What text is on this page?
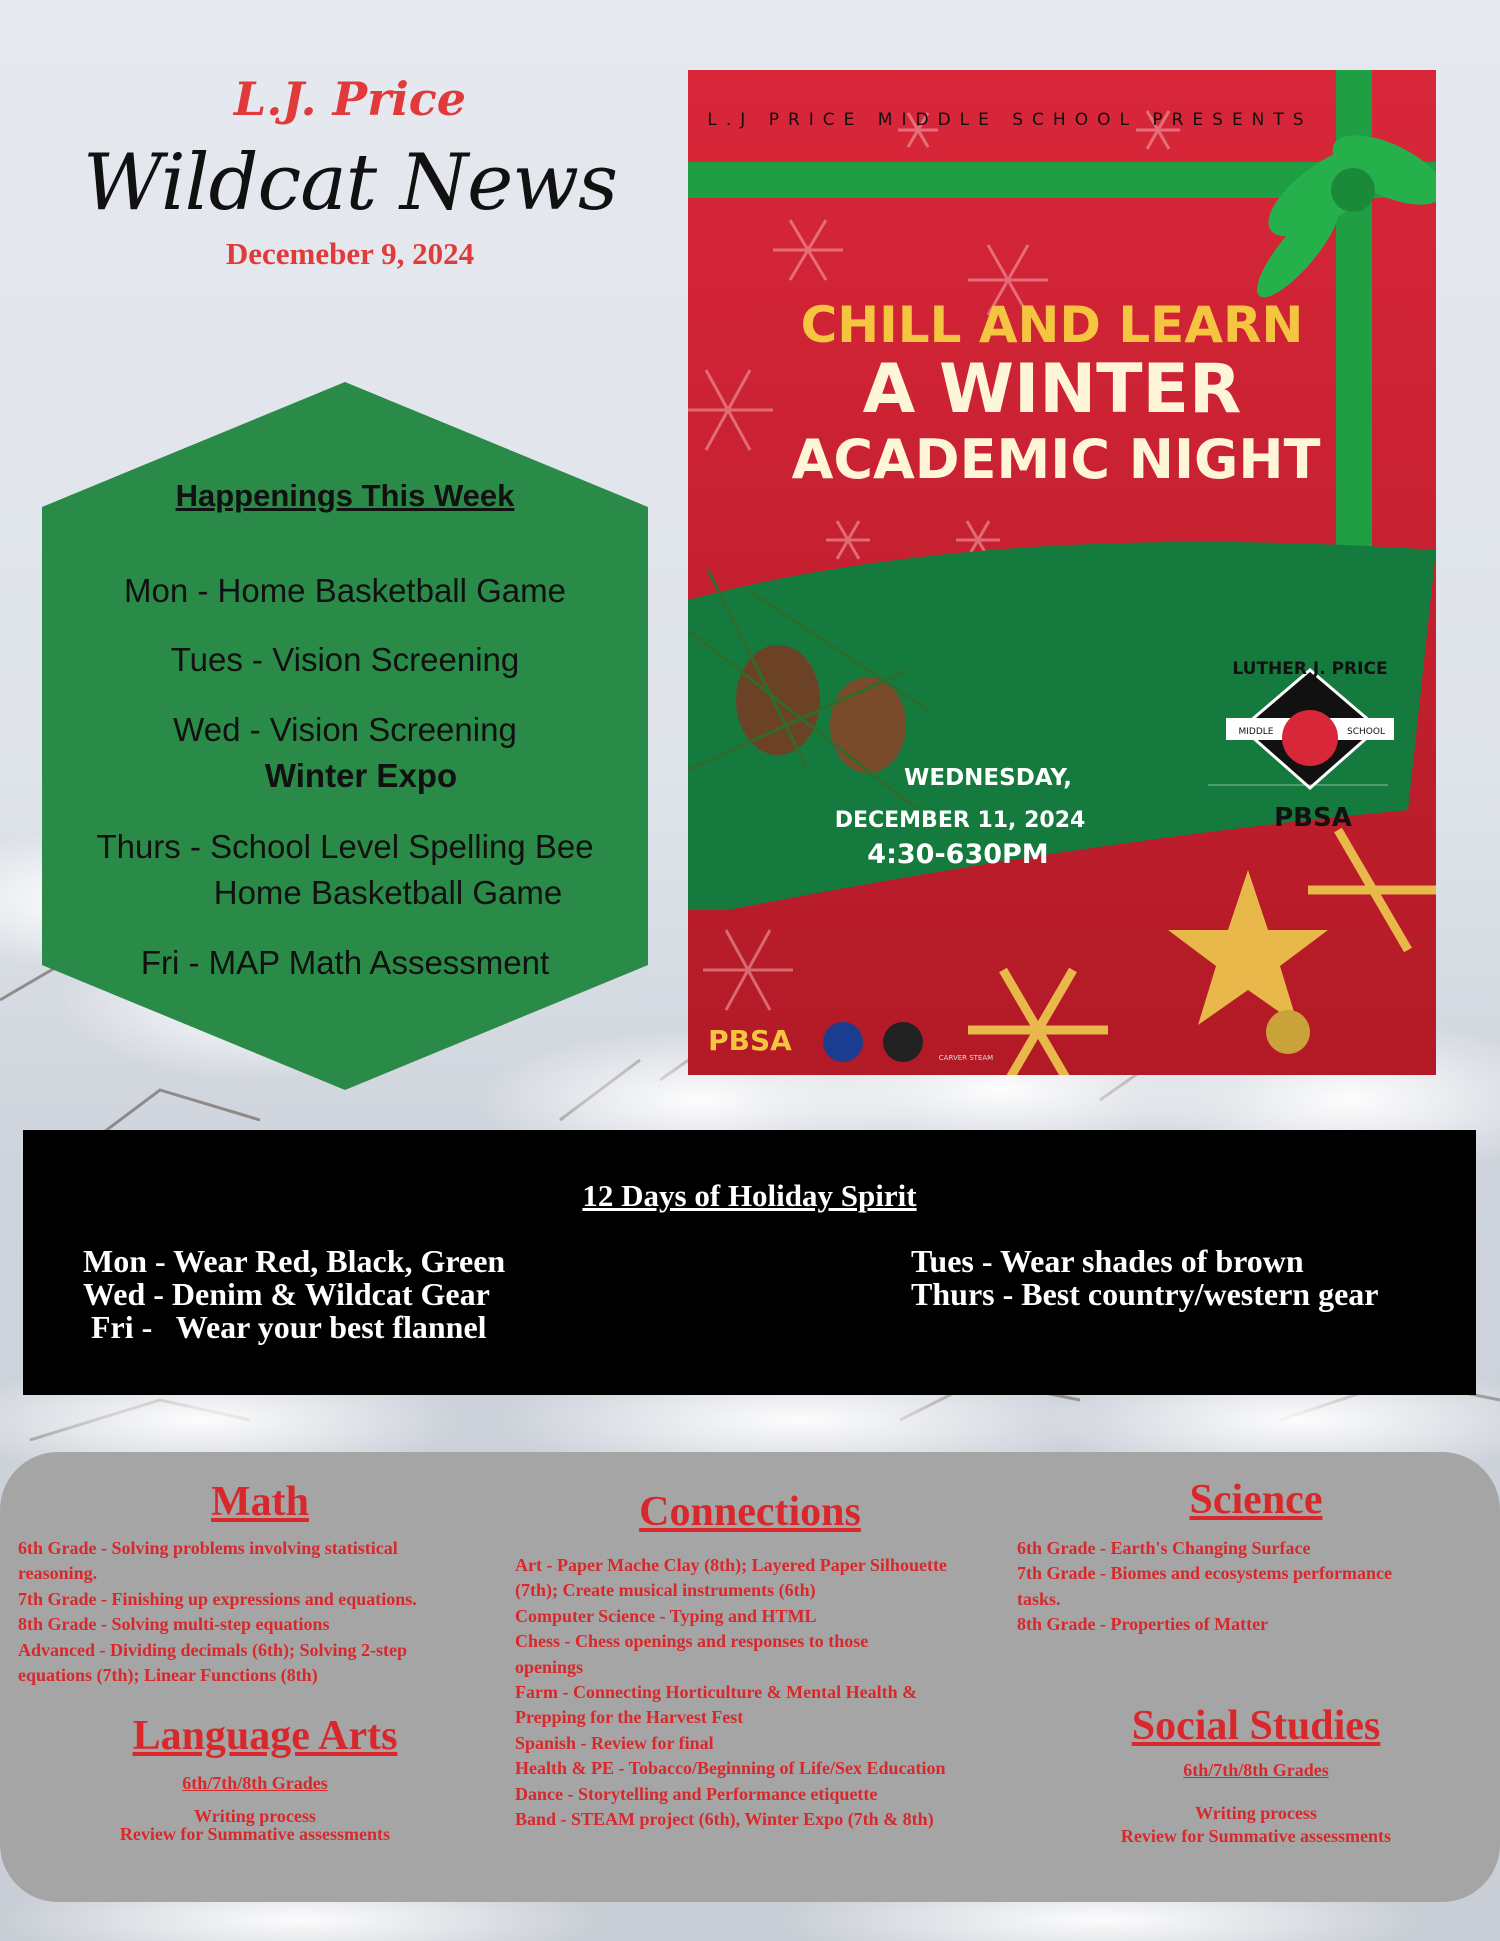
L.J. Price
Wildcat News
Decemeber 9, 2024
Happenings This Week
Mon - Home Basketball Game
Tues - Vision Screening
Wed - Vision Screening
Winter Expo
Thurs - School Level Spelling Bee
Home Basketball Game
Fri - MAP Math Assessment
LUTHER J. PRICE
MIDDLE	SCHOOL
L.J PRICE MIDDLE SCHOOL PRESENTS
CHILL AND LEARN
A WINTER
ACADEMIC NIGHT
WEDNESDAY,
DECEMBER 11, 2024
4:30-630PM
PBSA
PBSA
CARVER STEAM
12 Days of Holiday Spirit
Mon - Wear Red, Black, Green
Wed - Denim & Wildcat Gear
Fri -   Wear your best flannel
Tues - Wear shades of brown
Thurs - Best country/western gear
Math
6th Grade - Solving problems involving statistical
reasoning.
7th Grade - Finishing up expressions and equations.
8th Grade - Solving multi-step equations
Advanced - Dividing decimals (6th); Solving 2-step
equations (7th); Linear Functions (8th)
Language Arts
6th/7th/8th Grades
Writing process
Review for Summative assessments
Connections
Art - Paper Mache Clay (8th); Layered Paper Silhouette
(7th); Create musical instruments (6th)
Computer Science - Typing and HTML
Chess - Chess openings and responses to those
openings
Farm - Connecting Horticulture & Mental Health &
Prepping for the Harvest Fest
Spanish - Review for final
Health & PE - Tobacco/Beginning of Life/Sex Education
Dance - Storytelling and Performance etiquette
Band - STEAM project (6th), Winter Expo (7th & 8th)
Science
6th Grade - Earth's Changing Surface
7th Grade - Biomes and ecosystems performance
tasks.
8th Grade - Properties of Matter
Social Studies
6th/7th/8th Grades
Writing process
Review for Summative assessments
